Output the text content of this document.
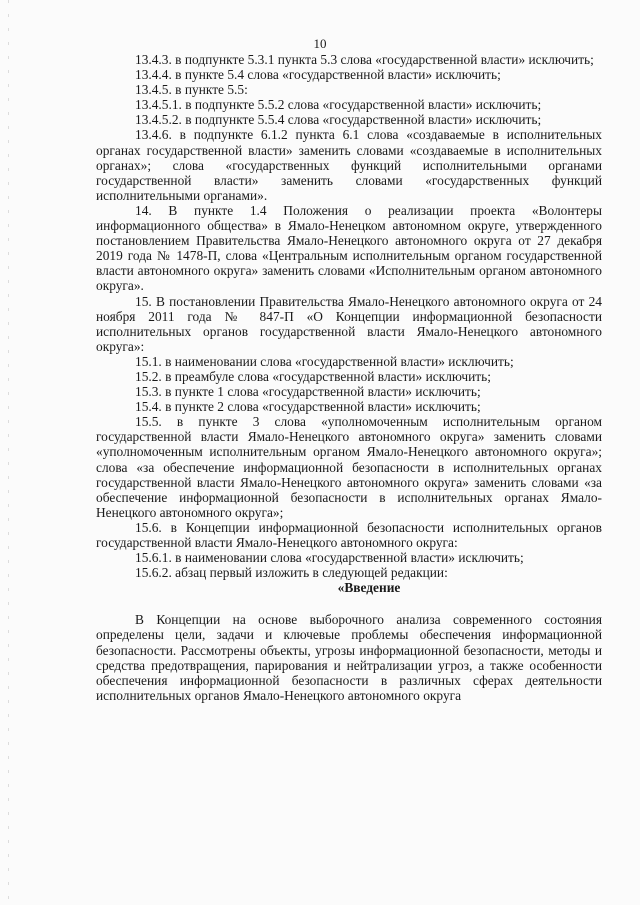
10

13.4.3. в подпункте 5.3.1 пункта 5.3 слова «государственной власти» исключить;

13.4.4. в пункте 5.4 слова «государственной власти» исключить;

13.4.5. в пункте 5.5:

13.4.5.1. в подпункте 5.5.2 слова «государственной власти» исключить;

13.4.5.2. в подпункте 5.5.4 слова «государственной власти» исключить;

13.4.6. в подпункте 6.1.2 пункта 6.1 слова «создаваемые в исполнительных органах государственной власти» заменить словами «создаваемые в исполнительных органах»; слова «государственных функций исполнительными органами государственной власти» заменить словами «государственных функций исполнительными органами».

14. В пункте 1.4 Положения о реализации проекта «Волонтеры информационного общества» в Ямало-Ненецком автономном округе, утвержденного постановлением Правительства Ямало-Ненецкого автономного округа от 27 декабря 2019 года № 1478-П, слова «Центральным исполнительным органом государственной власти автономного округа» заменить словами «Исполнительным органом автономного округа».

15. В постановлении Правительства Ямало-Ненецкого автономного округа от 24 ноября 2011 года № 847-П «О Концепции информационной безопасности исполнительных органов государственной власти Ямало-Ненецкого автономного округа»:

15.1. в наименовании слова «государственной власти» исключить;

15.2. в преамбуле слова «государственной власти» исключить;

15.3. в пункте 1 слова «государственной власти» исключить;

15.4. в пункте 2 слова «государственной власти» исключить;

15.5. в пункте 3 слова «уполномоченным исполнительным органом государственной власти Ямало-Ненецкого автономного округа» заменить словами «уполномоченным исполнительным органом Ямало-Ненецкого автономного округа»; слова «за обеспечение информационной безопасности в исполнительных органах государственной власти Ямало-Ненецкого автономного округа» заменить словами «за обеспечение информационной безопасности в исполнительных органах Ямало-Ненецкого автономного округа»;

15.6. в Концепции информационной безопасности исполнительных органов государственной власти Ямало-Ненецкого автономного округа:

15.6.1. в наименовании слова «государственной власти» исключить;

15.6.2. абзац первый изложить в следующей редакции:

«Введение

В Концепции на основе выборочного анализа современного состояния определены цели, задачи и ключевые проблемы обеспечения информационной безопасности. Рассмотрены объекты, угрозы информационной безопасности, методы и средства предотвращения, парирования и нейтрализации угроз, а также особенности обеспечения информационной безопасности в различных сферах деятельности исполнительных органов Ямало-Ненецкого автономного округа
